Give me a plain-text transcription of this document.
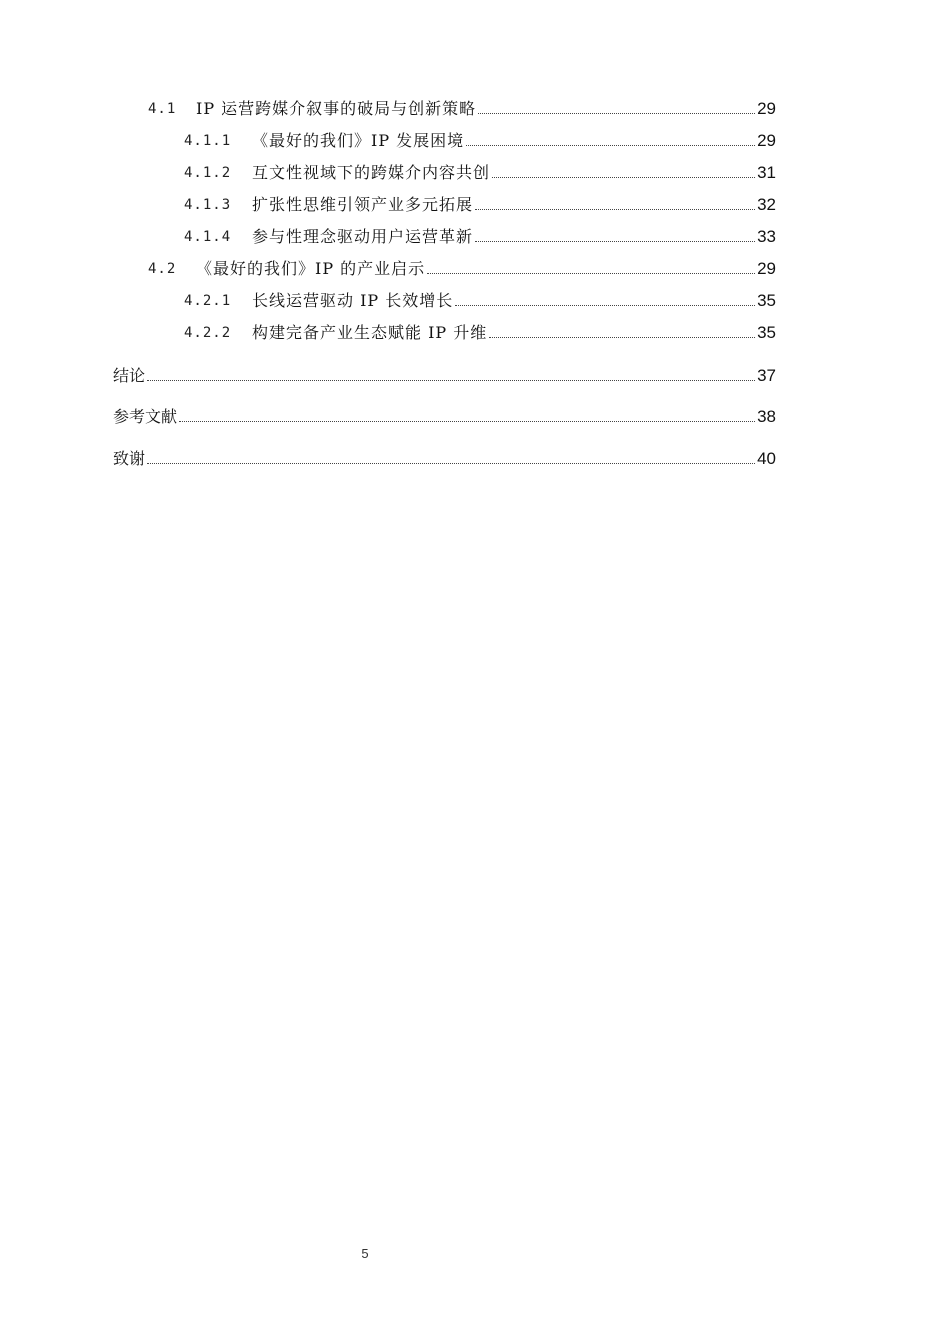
4.1	IP 运营跨媒介叙事的破局与创新策略	29
4.1.1	《最好的我们》IP 发展困境	29
4.1.2	互文性视域下的跨媒介内容共创	31
4.1.3	扩张性思维引领产业多元拓展	32
4.1.4	参与性理念驱动用户运营革新	33
4.2	《最好的我们》IP 的产业启示	29
4.2.1	长线运营驱动 IP 长效增长	35
4.2.2	构建完备产业生态赋能 IP 升维	35
结论	37
参考文献	38
致谢	40
5
